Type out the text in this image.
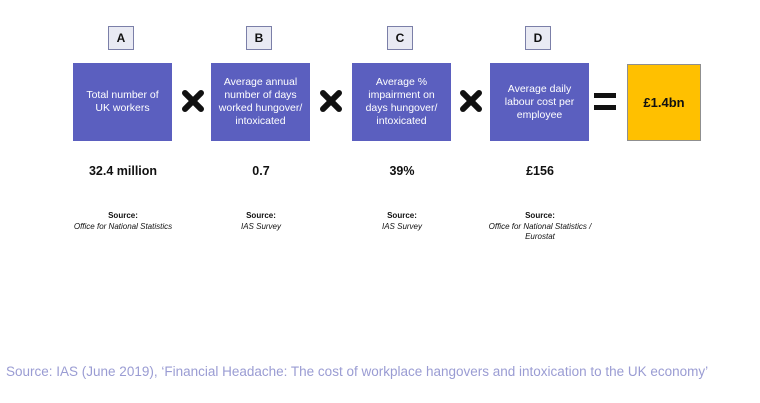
A
Total number of UK workers
32.4 million
Source:
Office for National Statistics
B
Average annual number of days worked hungover/ intoxicated
0.7
Source:
IAS Survey
C
Average % impairment on days hungover/ intoxicated
39%
Source:
IAS Survey
D
Average daily labour cost per employee
£156
Source:
Office for National Statistics / Eurostat
£1.4bn
Source: IAS (June 2019), ‘Financial Headache: The cost of workplace hangovers and intoxication to the UK economy’
